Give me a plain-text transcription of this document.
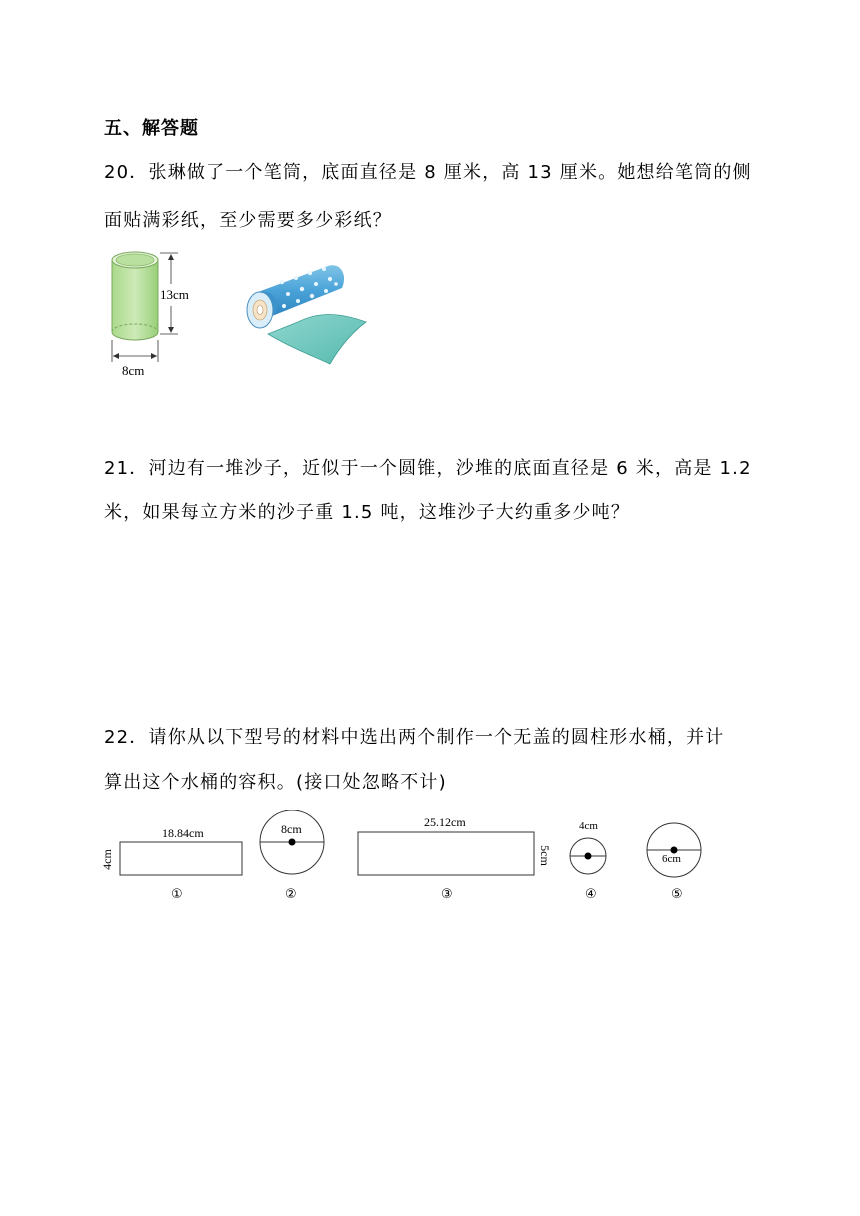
五、解答题
20．张琳做了一个笔筒，底面直径是 8 厘米，高 13 厘米。她想给笔筒的侧
面贴满彩纸，至少需要多少彩纸？
13cm
8cm
21．河边有一堆沙子，近似于一个圆锥，沙堆的底面直径是 6 米，高是 1.2
米，如果每立方米的沙子重 1.5 吨，这堆沙子大约重多少吨？
22．请你从以下型号的材料中选出两个制作一个无盖的圆柱形水桶，并计
算出这个水桶的容积。(接口处忽略不计)
18.84cm
4cm
①
8cm
②
25.12cm
5cm
③
4cm
④
6cm
⑤
